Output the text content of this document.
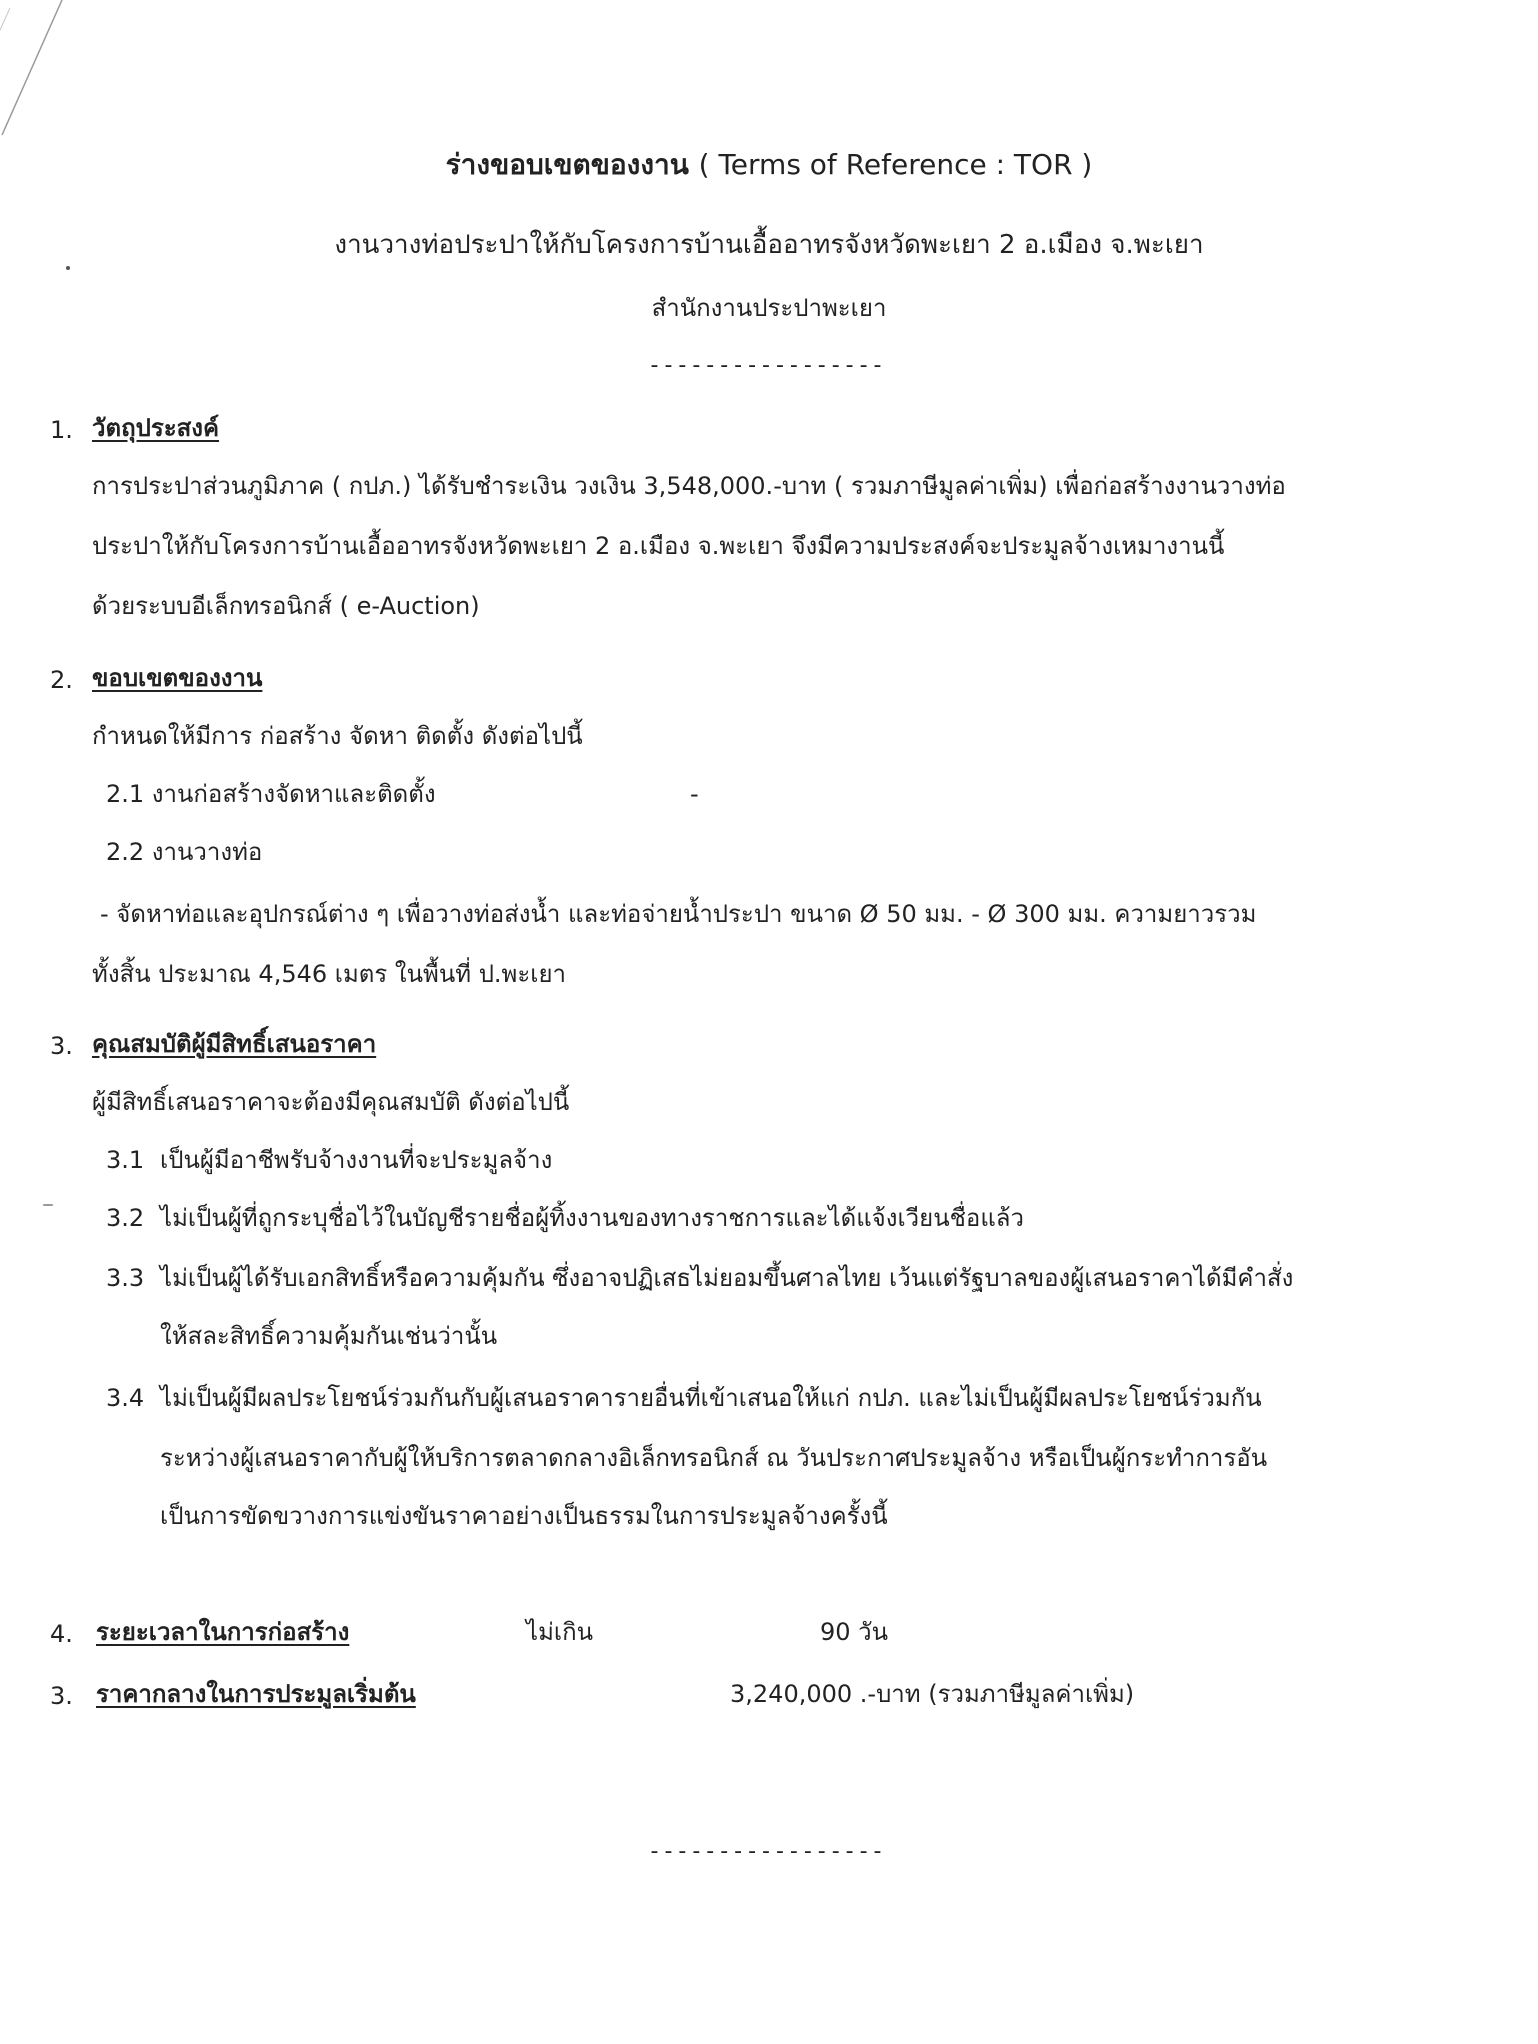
ร่างขอบเขตของงาน ( Terms of Reference : TOR )
งานวางท่อประปาให้กับโครงการบ้านเอื้ออาทรจังหวัดพะเยา 2 อ.เมือง จ.พะเยา
สำนักงานประปาพะเยา
-----------------
1. วัตถุประสงค์
การประปาส่วนภูมิภาค ( กปภ.) ได้รับชำระเงิน วงเงิน 3,548,000.-บาท ( รวมภาษีมูลค่าเพิ่ม) เพื่อก่อสร้างงานวางท่อ
ประปาให้กับโครงการบ้านเอื้ออาทรจังหวัดพะเยา 2 อ.เมือง จ.พะเยา จึงมีความประสงค์จะประมูลจ้างเหมางานนี้
ด้วยระบบอีเล็กทรอนิกส์ ( e-Auction)
2. ขอบเขตของงาน
กำหนดให้มีการ ก่อสร้าง จัดหา ติดตั้ง ดังต่อไปนี้
2.1 งานก่อสร้างจัดหาและติดตั้ง	-
2.2 งานวางท่อ
- จัดหาท่อและอุปกรณ์ต่าง ๆ เพื่อวางท่อส่งน้ำ และท่อจ่ายน้ำประปา ขนาด Ø 50 มม. - Ø 300 มม. ความยาวรวม
ทั้งสิ้น ประมาณ 4,546 เมตร ในพื้นที่ ป.พะเยา
3. คุณสมบัติผู้มีสิทธิ์เสนอราคา
ผู้มีสิทธิ์เสนอราคาจะต้องมีคุณสมบัติ ดังต่อไปนี้
3.1 เป็นผู้มีอาชีพรับจ้างงานที่จะประมูลจ้าง
3.2 ไม่เป็นผู้ที่ถูกระบุชื่อไว้ในบัญชีรายชื่อผู้ทิ้งงานของทางราชการและได้แจ้งเวียนชื่อแล้ว
3.3 ไม่เป็นผู้ได้รับเอกสิทธิ์หรือความคุ้มกัน ซึ่งอาจปฏิเสธไม่ยอมขึ้นศาลไทย เว้นแต่รัฐบาลของผู้เสนอราคาได้มีคำสั่ง
ให้สละสิทธิ์ความคุ้มกันเช่นว่านั้น
3.4 ไม่เป็นผู้มีผลประโยชน์ร่วมกันกับผู้เสนอราคารายอื่นที่เข้าเสนอให้แก่ กปภ. และไม่เป็นผู้มีผลประโยชน์ร่วมกัน
ระหว่างผู้เสนอราคากับผู้ให้บริการตลาดกลางอิเล็กทรอนิกส์ ณ วันประกาศประมูลจ้าง หรือเป็นผู้กระทำการอัน
เป็นการขัดขวางการแข่งขันราคาอย่างเป็นธรรมในการประมูลจ้างครั้งนี้
4. ระยะเวลาในการก่อสร้าง	ไม่เกิน	90 วัน
3. ราคากลางในการประมูลเริ่มต้น	3,240,000 .-บาท (รวมภาษีมูลค่าเพิ่ม)
-----------------
